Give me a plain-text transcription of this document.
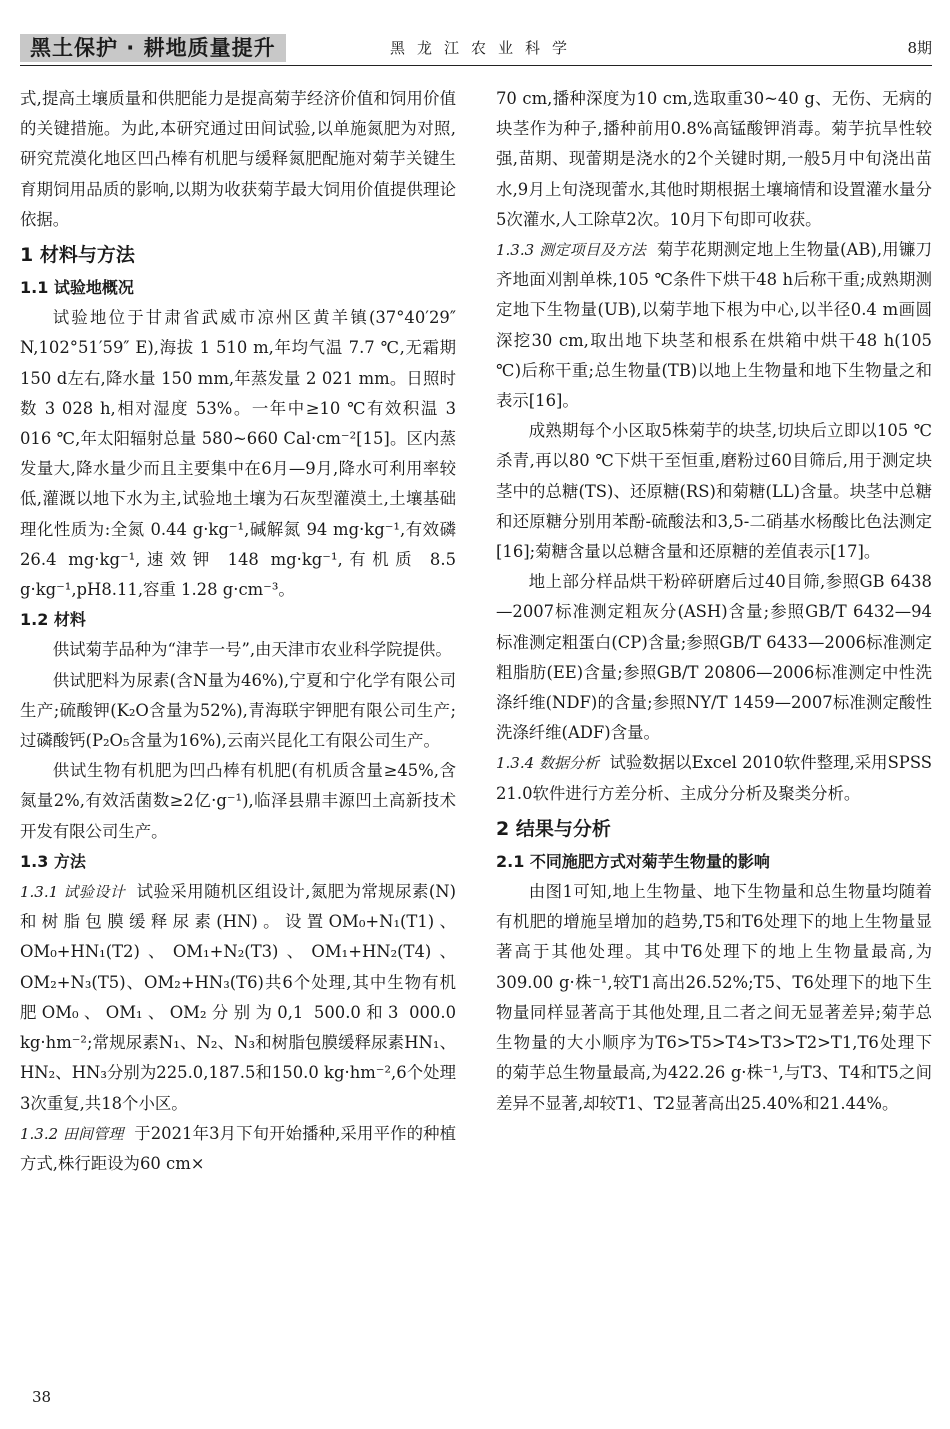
黑土保护 · 耕地质量提升	黑龙江农业科学	8期

式,提高土壤质量和供肥能力是提高菊芋经济价值和饲用价值的关键措施。为此,本研究通过田间试验,以单施氮肥为对照,研究荒漠化地区凹凸棒有机肥与缓释氮肥配施对菊芋关键生育期饲用品质的影响,以期为收获菊芋最大饲用价值提供理论依据。

1 材料与方法
1.1 试验地概况

试验地位于甘肃省武威市凉州区黄羊镇(37°40′29″ N,102°51′59″ E),海拔 1 510 m,年均气温 7.7 ℃,无霜期 150 d左右,降水量 150 mm,年蒸发量 2 021 mm。日照时数 3 028 h,相对湿度 53%。一年中≥10 ℃有效积温 3 016 ℃,年太阳辐射总量 580~660 Cal·cm⁻²[15]。区内蒸发量大,降水量少而且主要集中在6月—9月,降水可利用率较低,灌溉以地下水为主,试验地土壤为石灰型灌漠土,土壤基础理化性质为:全氮 0.44 g·kg⁻¹,碱解氮 94 mg·kg⁻¹,有效磷 26.4 mg·kg⁻¹,速效钾 148 mg·kg⁻¹,有机质 8.5 g·kg⁻¹,pH8.11,容重 1.28 g·cm⁻³。

1.2 材料

供试菊芋品种为“津芋一号”,由天津市农业科学院提供。

供试肥料为尿素(含N量为46%),宁夏和宁化学有限公司生产;硫酸钾(K₂O含量为52%),青海联宇钾肥有限公司生产;过磷酸钙(P₂O₅含量为16%),云南兴昆化工有限公司生产。

供试生物有机肥为凹凸棒有机肥(有机质含量≥45%,含氮量2%,有效活菌数≥2亿·g⁻¹),临泽县鼎丰源凹土高新技术开发有限公司生产。

1.3 方法

1.3.1 试验设计 试验采用随机区组设计,氮肥为常规尿素(N)和树脂包膜缓释尿素(HN)。设置OM₀+N₁(T1)、OM₀+HN₁(T2)、OM₁+N₂(T3)、OM₁+HN₂(T4)、OM₂+N₃(T5)、OM₂+HN₃(T6)共6个处理,其中生物有机肥OM₀、OM₁、OM₂分别为0,1 500.0和3 000.0 kg·hm⁻²;常规尿素N₁、N₂、N₃和树脂包膜缓释尿素HN₁、HN₂、HN₃分别为225.0,187.5和150.0 kg·hm⁻²,6个处理3次重复,共18个小区。

1.3.2 田间管理 于2021年3月下旬开始播种,采用平作的种植方式,株行距设为60 cm×

70 cm,播种深度为10 cm,选取重30~40 g、无伤、无病的块茎作为种子,播种前用0.8%高锰酸钾消毒。菊芋抗旱性较强,苗期、现蕾期是浇水的2个关键时期,一般5月中旬浇出苗水,9月上旬浇现蕾水,其他时期根据土壤墒情和设置灌水量分5次灌水,人工除草2次。10月下旬即可收获。

1.3.3 测定项目及方法 菊芋花期测定地上生物量(AB),用镰刀齐地面刈割单株,105 ℃条件下烘干48 h后称干重;成熟期测定地下生物量(UB),以菊芋地下根为中心,以半径0.4 m画圆深挖30 cm,取出地下块茎和根系在烘箱中烘干48 h(105 ℃)后称干重;总生物量(TB)以地上生物量和地下生物量之和表示[16]。

成熟期每个小区取5株菊芋的块茎,切块后立即以105 ℃杀青,再以80 ℃下烘干至恒重,磨粉过60目筛后,用于测定块茎中的总糖(TS)、还原糖(RS)和菊糖(LL)含量。块茎中总糖和还原糖分别用苯酚-硫酸法和3,5-二硝基水杨酸比色法测定[16];菊糖含量以总糖含量和还原糖的差值表示[17]。

地上部分样品烘干粉碎研磨后过40目筛,参照GB 6438—2007标准测定粗灰分(ASH)含量;参照GB/T 6432—94标准测定粗蛋白(CP)含量;参照GB/T 6433—2006标准测定粗脂肪(EE)含量;参照GB/T 20806—2006标准测定中性洗涤纤维(NDF)的含量;参照NY/T 1459—2007标准测定酸性洗涤纤维(ADF)含量。

1.3.4 数据分析 试验数据以Excel 2010软件整理,采用SPSS 21.0软件进行方差分析、主成分分析及聚类分析。

2 结果与分析
2.1 不同施肥方式对菊芋生物量的影响

由图1可知,地上生物量、地下生物量和总生物量均随着有机肥的增施呈增加的趋势,T5和T6处理下的地上生物量显著高于其他处理。其中T6处理下的地上生物量最高,为309.00 g·株⁻¹,较T1高出26.52%;T5、T6处理下的地下生物量同样显著高于其他处理,且二者之间无显著差异;菊芋总生物量的大小顺序为T6>T5>T4>T3>T2>T1,T6处理下的菊芋总生物量最高,为422.26 g·株⁻¹,与T3、T4和T5之间差异不显著,却较T1、T2显著高出25.40%和21.44%。

38
